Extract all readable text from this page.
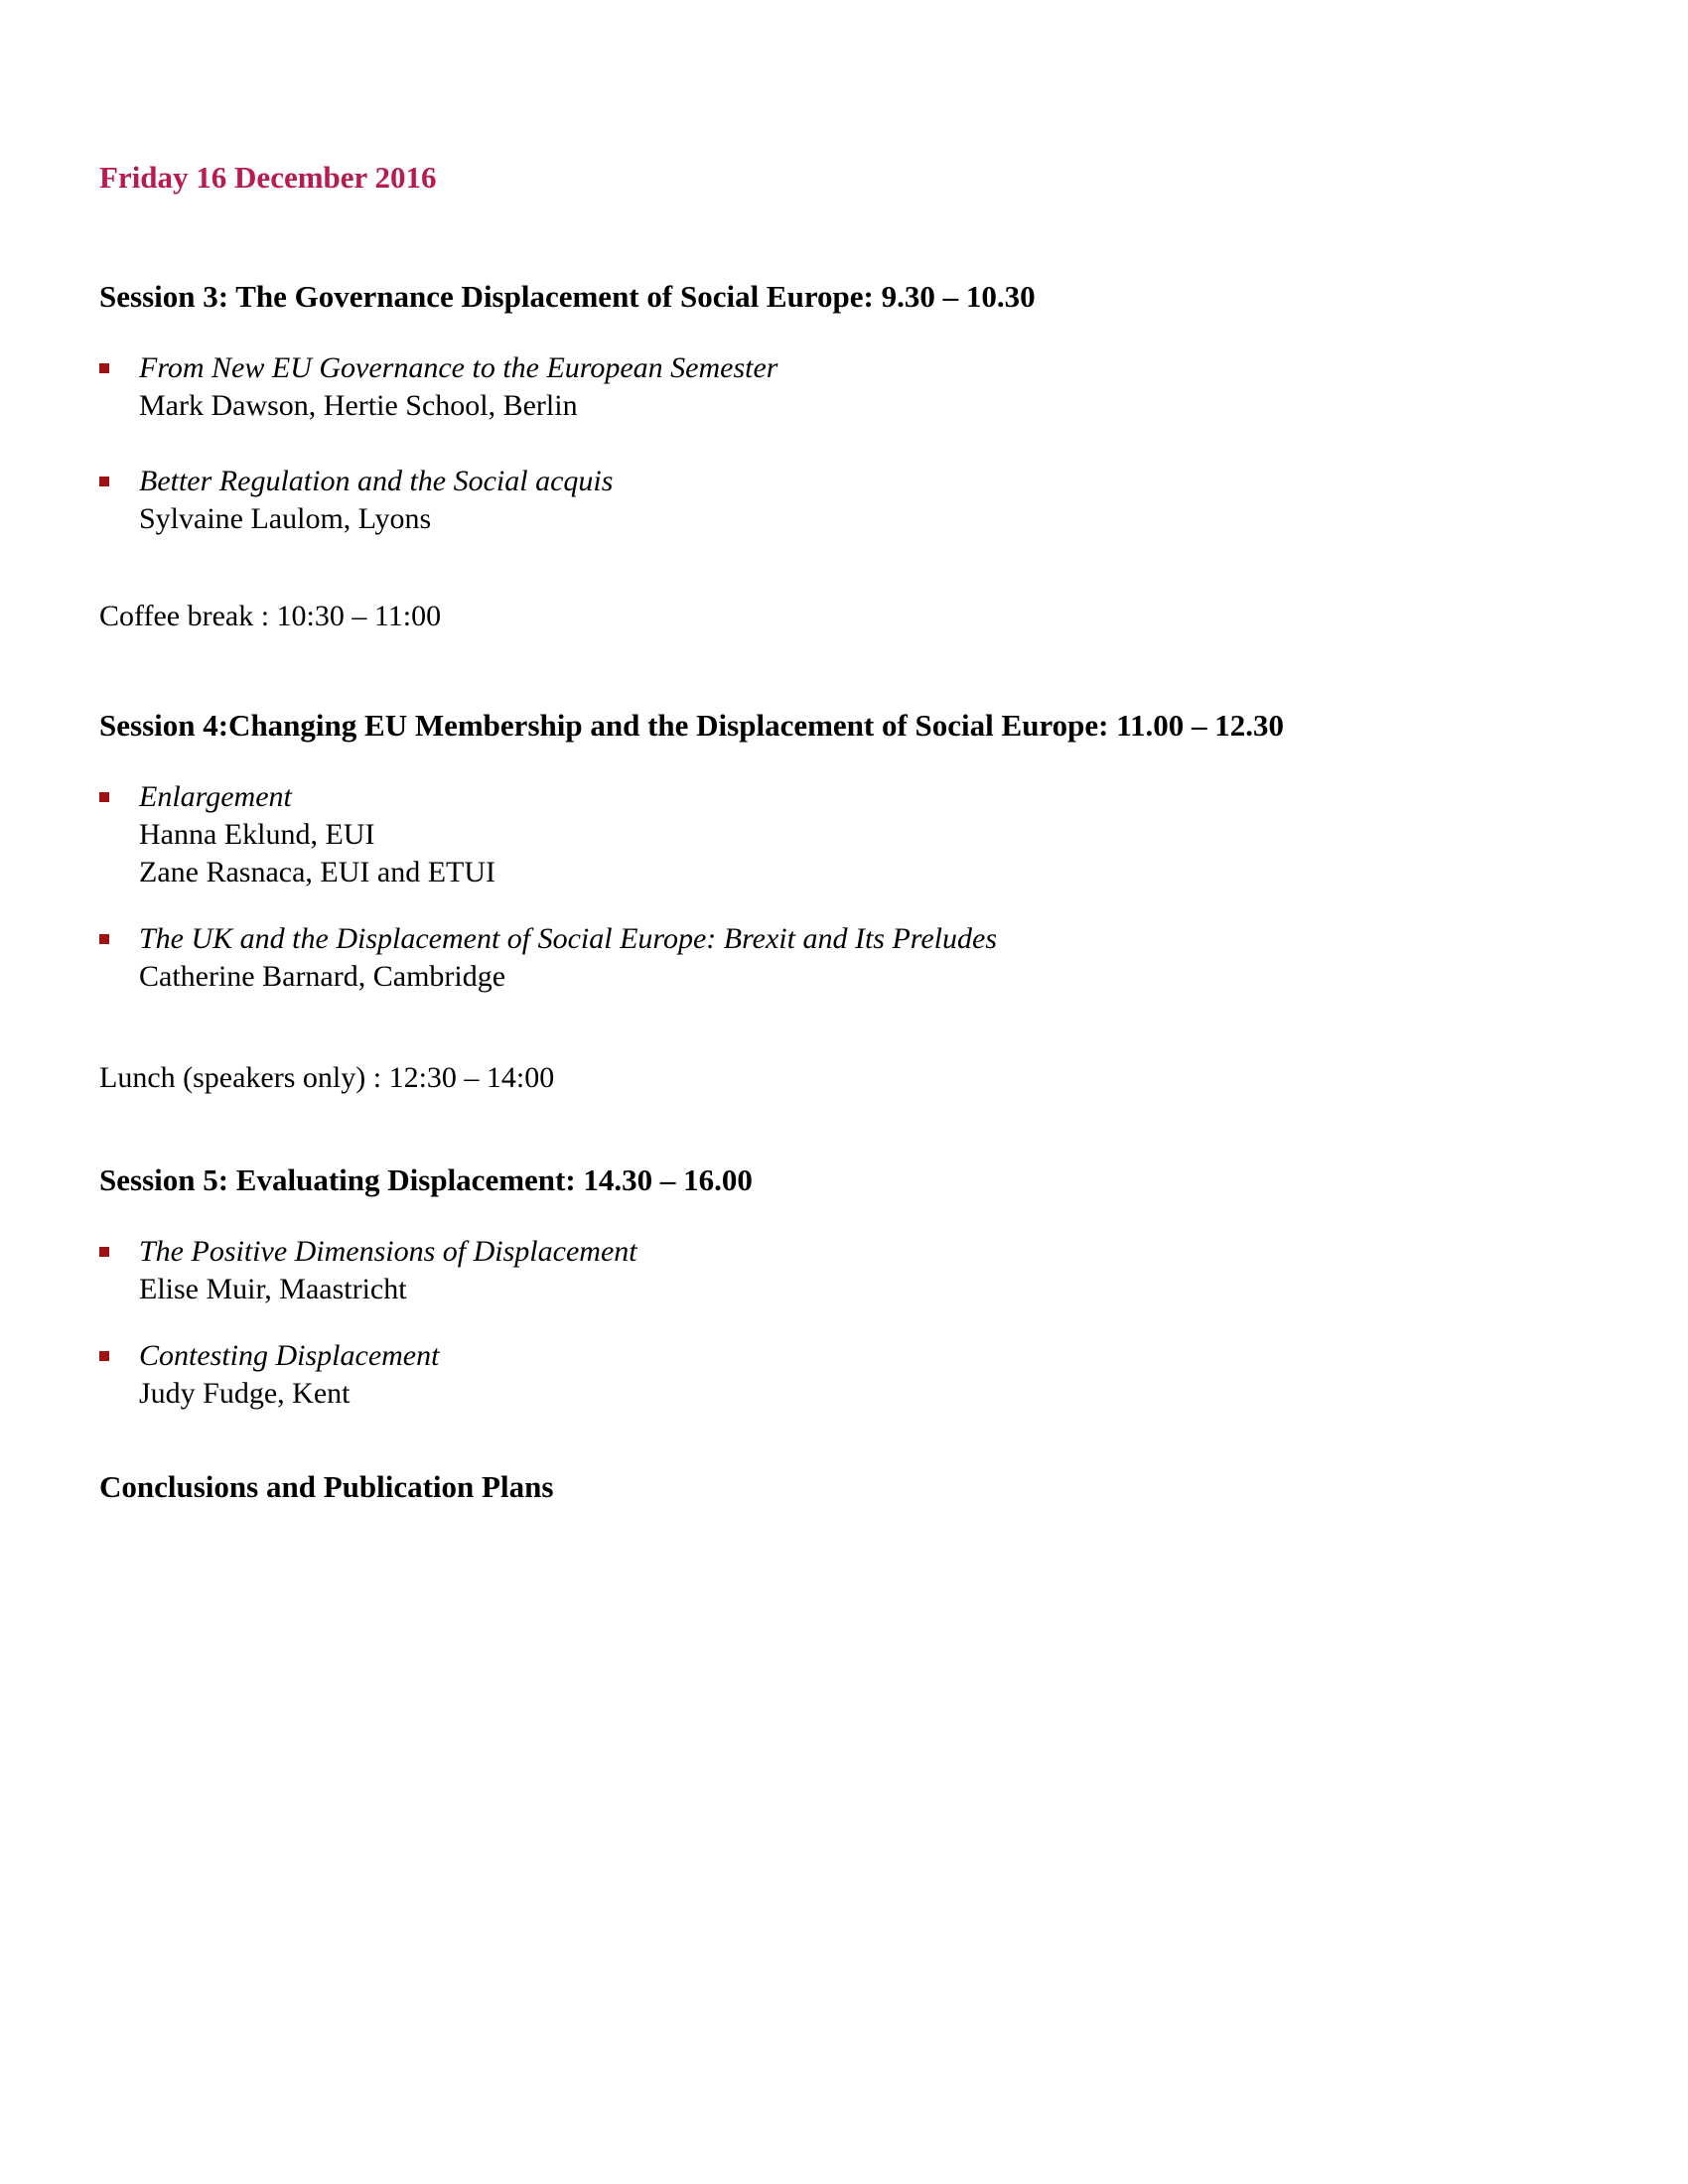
Friday 16 December 2016
Session 3: The Governance Displacement of Social Europe: 9.30 – 10.30
From New EU Governance to the European Semester
Mark Dawson, Hertie School, Berlin
Better Regulation and the Social acquis
Sylvaine Laulom, Lyons
Coffee break : 10:30 – 11:00
Session 4:Changing EU Membership and the Displacement of Social Europe: 11.00 – 12.30
Enlargement
Hanna Eklund, EUI
Zane Rasnaca, EUI and ETUI
The UK and the Displacement of Social Europe: Brexit and Its Preludes
Catherine Barnard, Cambridge
Lunch (speakers only) : 12:30 – 14:00
Session 5: Evaluating Displacement: 14.30 – 16.00
The Positive Dimensions of Displacement
Elise Muir, Maastricht
Contesting Displacement
Judy Fudge, Kent
Conclusions and Publication Plans
